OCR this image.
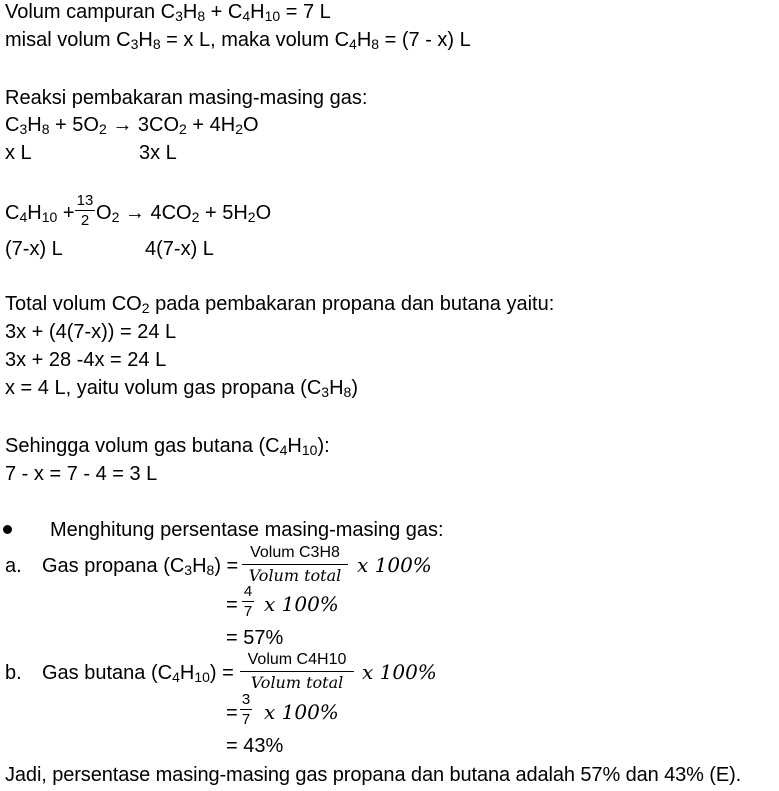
Volum campuran $C_3H_8 + C_4H_{10} = 7$ L
misal volum $C_3H_8 = x$ L, maka volum $C_4H_8 = (7 - x)$ L
Reaksi pembakaran masing-masing gas:
$C_3H_8 + 5O_2 \to 3CO_2 + 4H_2O$
x L	3x L
$C_4H_{10}$ +
13
2 $O_2 \to 4CO_2 + 5H_2O$
(7-x) L	4(7-x) L
Total volum $CO_2$ pada pembakaran propana dan butana yaitu:
3x + (4(7-x)) = 24 L
3x + 28 -4x = 24 L
x = 4 L, yaitu volum gas propana $(C_3H_8)$
Sehingga volum gas butana $(C_4H_{10})$:
7 - x = 7 - 4 = 3 L
Menghitung persentase masing-masing gas:
a. Gas propana $(C_3H_8)$ =
Volum C3H8
Volum total x 100%
=
4
7 x 100%
= 57%
b. Gas butana $(C_4H_{10})$ =
Volum C4H10
Volum total x 100%
=
3
7 x 100%
= 43%
Jadi, persentase masing-masing gas propana dan butana adalah 57% dan 43% (E).
